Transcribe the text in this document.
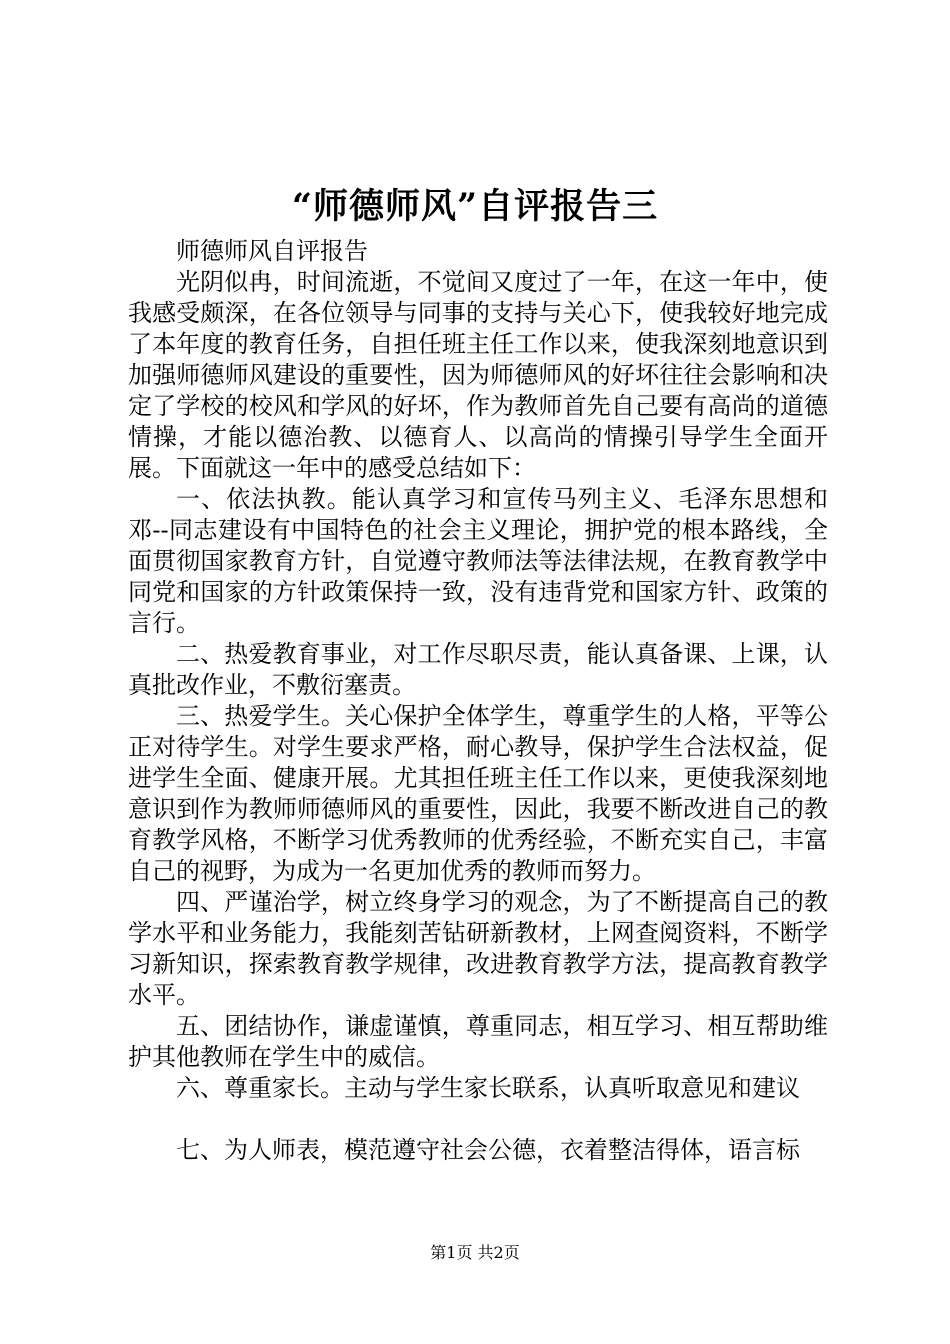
“师德师风”自评报告三

师德师风自评报告

光阴似冉，时间流逝，不觉间又度过了一年，在这一年中，使我感受颇深，在各位领导与同事的支持与关心下，使我较好地完成了本年度的教育任务，自担任班主任工作以来，使我深刻地意识到加强师德师风建设的重要性，因为师德师风的好坏往往会影响和决定了学校的校风和学风的好坏，作为教师首先自己要有高尚的道德情操，才能以德治教、以德育人、以高尚的情操引导学生全面开展。下面就这一年中的感受总结如下：

一、依法执教。能认真学习和宣传马列主义、毛泽东思想和邓--同志建设有中国特色的社会主义理论，拥护党的根本路线，全面贯彻国家教育方针，自觉遵守教师法等法律法规，在教育教学中同党和国家的方针政策保持一致，没有违背党和国家方针、政策的言行。

二、热爱教育事业，对工作尽职尽责，能认真备课、上课，认真批改作业，不敷衍塞责。

三、热爱学生。关心保护全体学生，尊重学生的人格，平等公正对待学生。对学生要求严格，耐心教导，保护学生合法权益，促进学生全面、健康开展。尤其担任班主任工作以来，更使我深刻地意识到作为教师师德师风的重要性，因此，我要不断改进自己的教育教学风格，不断学习优秀教师的优秀经验，不断充实自己，丰富自己的视野，为成为一名更加优秀的教师而努力。

四、严谨治学，树立终身学习的观念，为了不断提高自己的教学水平和业务能力，我能刻苦钻研新教材，上网查阅资料，不断学习新知识，探索教育教学规律，改进教育教学方法，提高教育教学水平。

五、团结协作，谦虚谨慎，尊重同志，相互学习、相互帮助维护其他教师在学生中的威信。

六、尊重家长。主动与学生家长联系，认真听取意见和建议

七、为人师表，模范遵守社会公德，衣着整洁得体，语言标

第1页 共2页
